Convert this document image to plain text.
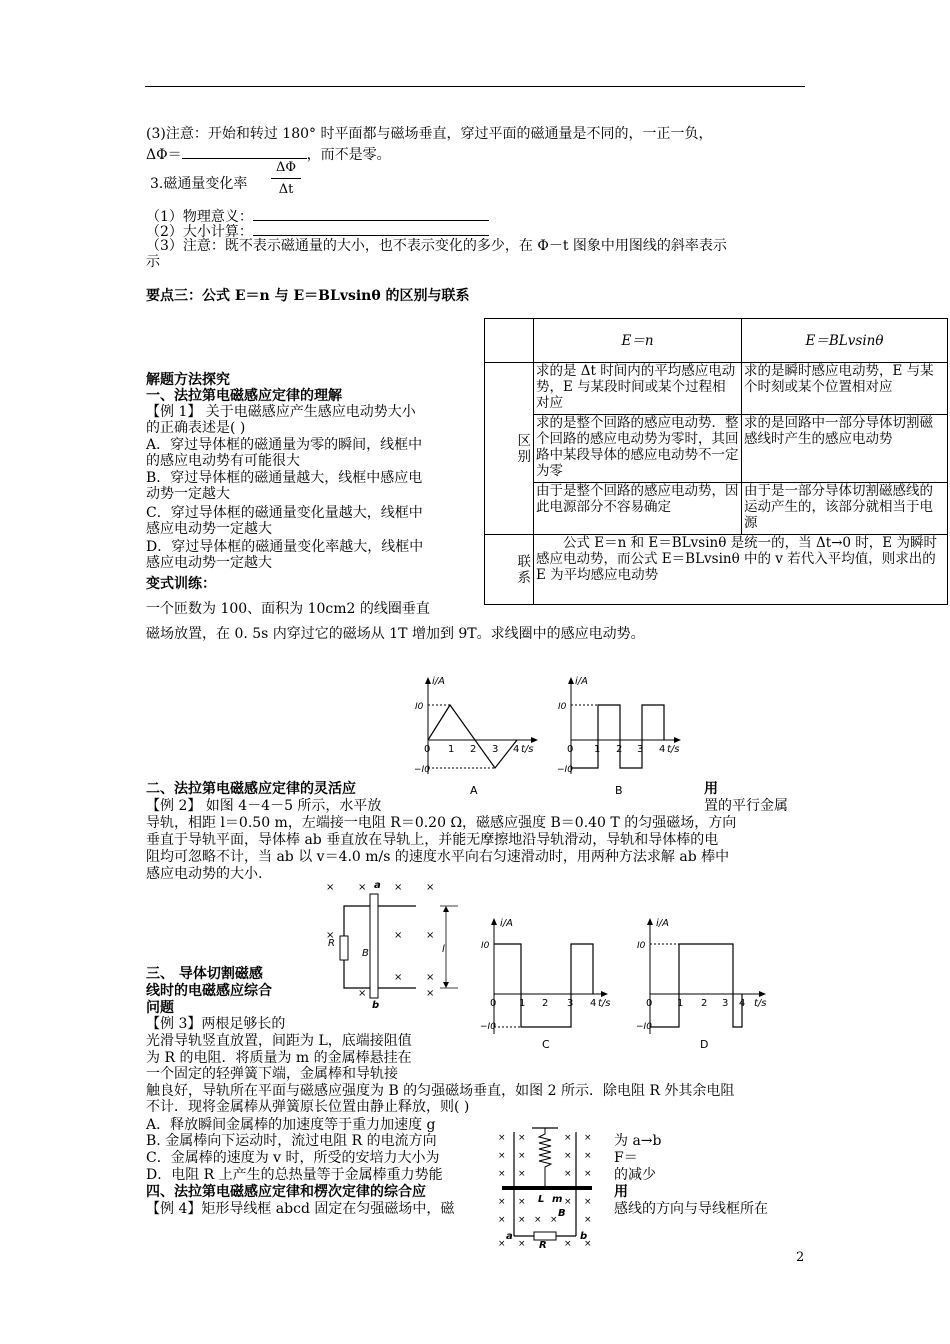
(3)注意：开始和转过 180° 时平面都与磁场垂直，穿过平面的磁通量是不同的，一正一负，
ΔΦ＝	，而不是零。
3.磁通量变化率 $\frac{\Delta\Phi}{\Delta t}$
（1）物理意义：
（2）大小计算：
（3）注意：既不表示磁通量的大小，也不表示变化的多少，在 Φ－t 图象中用图线的斜率表示
示
要点三：公式 E＝n 与 E＝BLvsinθ 的区别与联系
	E＝n	E＝BLvsinθ
区别	求的是 Δt 时间内的平均感应电动势，E 与某段时间或某个过程相对应	求的是瞬时感应电动势，E 与某个时刻或某个位置相对应
	求的是整个回路的感应电动势．整个回路的感应电动势为零时，其回路中某段导体的感应电动势不一定为零	求的是回路中一部分导体切割磁感线时产生的感应电动势
	由于是整个回路的感应电动势，因此电源部分不容易确定	由于是一部分导体切割磁感线的运动产生的，该部分就相当于电源
联系	公式 E＝n 和 E＝BLvsinθ 是统一的，当 Δt→0 时，E 为瞬时感应电动势，而公式 E＝BLvsinθ 中的 v 若代入平均值，则求出的 E 为平均感应电动势	
解题方法探究
一、法拉第电磁感应定律的理解
【例 1】 关于电磁感应产生感应电动势大小
的正确表述是( )
A．穿过导体框的磁通量为零的瞬间，线框中
的感应电动势有可能很大
B．穿过导体框的磁通量越大，线框中感应电
动势一定越大
C．穿过导体框的磁通量变化量越大，线框中
感应电动势一定越大
D．穿过导体框的磁通量变化率越大，线框中
感应电动势一定越大
变式训练：
一个匝数为 100、面积为 10cm2 的线圈垂直
磁场放置，在 0. 5s 内穿过它的磁场从 1T 增加到 9T。求线圈中的感应电动势。
i/A
I0
−I0
0 1 2 3 4 t/s
A
i/A
I0
−I0
0 1 2 3 4 t/s
B
二、法拉第电磁感应定律的灵活应	用
【例 2】 如图 4－4－5 所示，水平放	置的平行金属
导轨，相距 l＝0.50 m，左端接一电阻 R＝0.20 Ω，磁感应强度 B＝0.40 T 的匀强磁场，方向
垂直于导轨平面，导体棒 ab 垂直放在导轨上，并能无摩擦地沿导轨滑动，导轨和导体棒的电
阻均可忽略不计，当 ab 以 v＝4.0 m/s 的速度水平向右匀速滑动时，用两种方法求解 ab 棒中
感应电动势的大小.
× ×	× ×
×	× ×
× ×
×	×
a
b
R
B	l
i/A
I0
−I0
0 1 2 3 4 t/s
C
i/A
I0
−I0
0 1 2 3 4 t/s
D
三、 导体切割磁感
线时的电磁感应综合
问题
【例 3】两根足够长的
光滑导轨竖直放置，间距为 L，底端接阻值
为 R 的电阻．将质量为 m 的金属棒悬挂在
一个固定的轻弹簧下端，金属棒和导轨接
触良好，导轨所在平面与磁感应强度为 B 的匀强磁场垂直，如图 2 所示．除电阻 R 外其余电阻
不计．现将金属棒从弹簧原长位置由静止释放，则( )
A．释放瞬间金属棒的加速度等于重力加速度 g
B. 金属棒向下运动时，流过电阻 R 的电流方向
C．金属棒的速度为 v 时，所受的安培力大小为
D．电阻 R 上产生的总热量等于金属棒重力势能
为 a→b
F＝
的减少
四、法拉第电磁感应定律和楞次定律的综合应	用
【例 4】矩形导线框 abcd 固定在匀强磁场中，磁	感线的方向与导线框所在
× ×	× ×
× ×	× ×
× ×	× ×
× ×	× ×
× × × ×	×
× ×	× ×
L m
B
R
a	b
2
